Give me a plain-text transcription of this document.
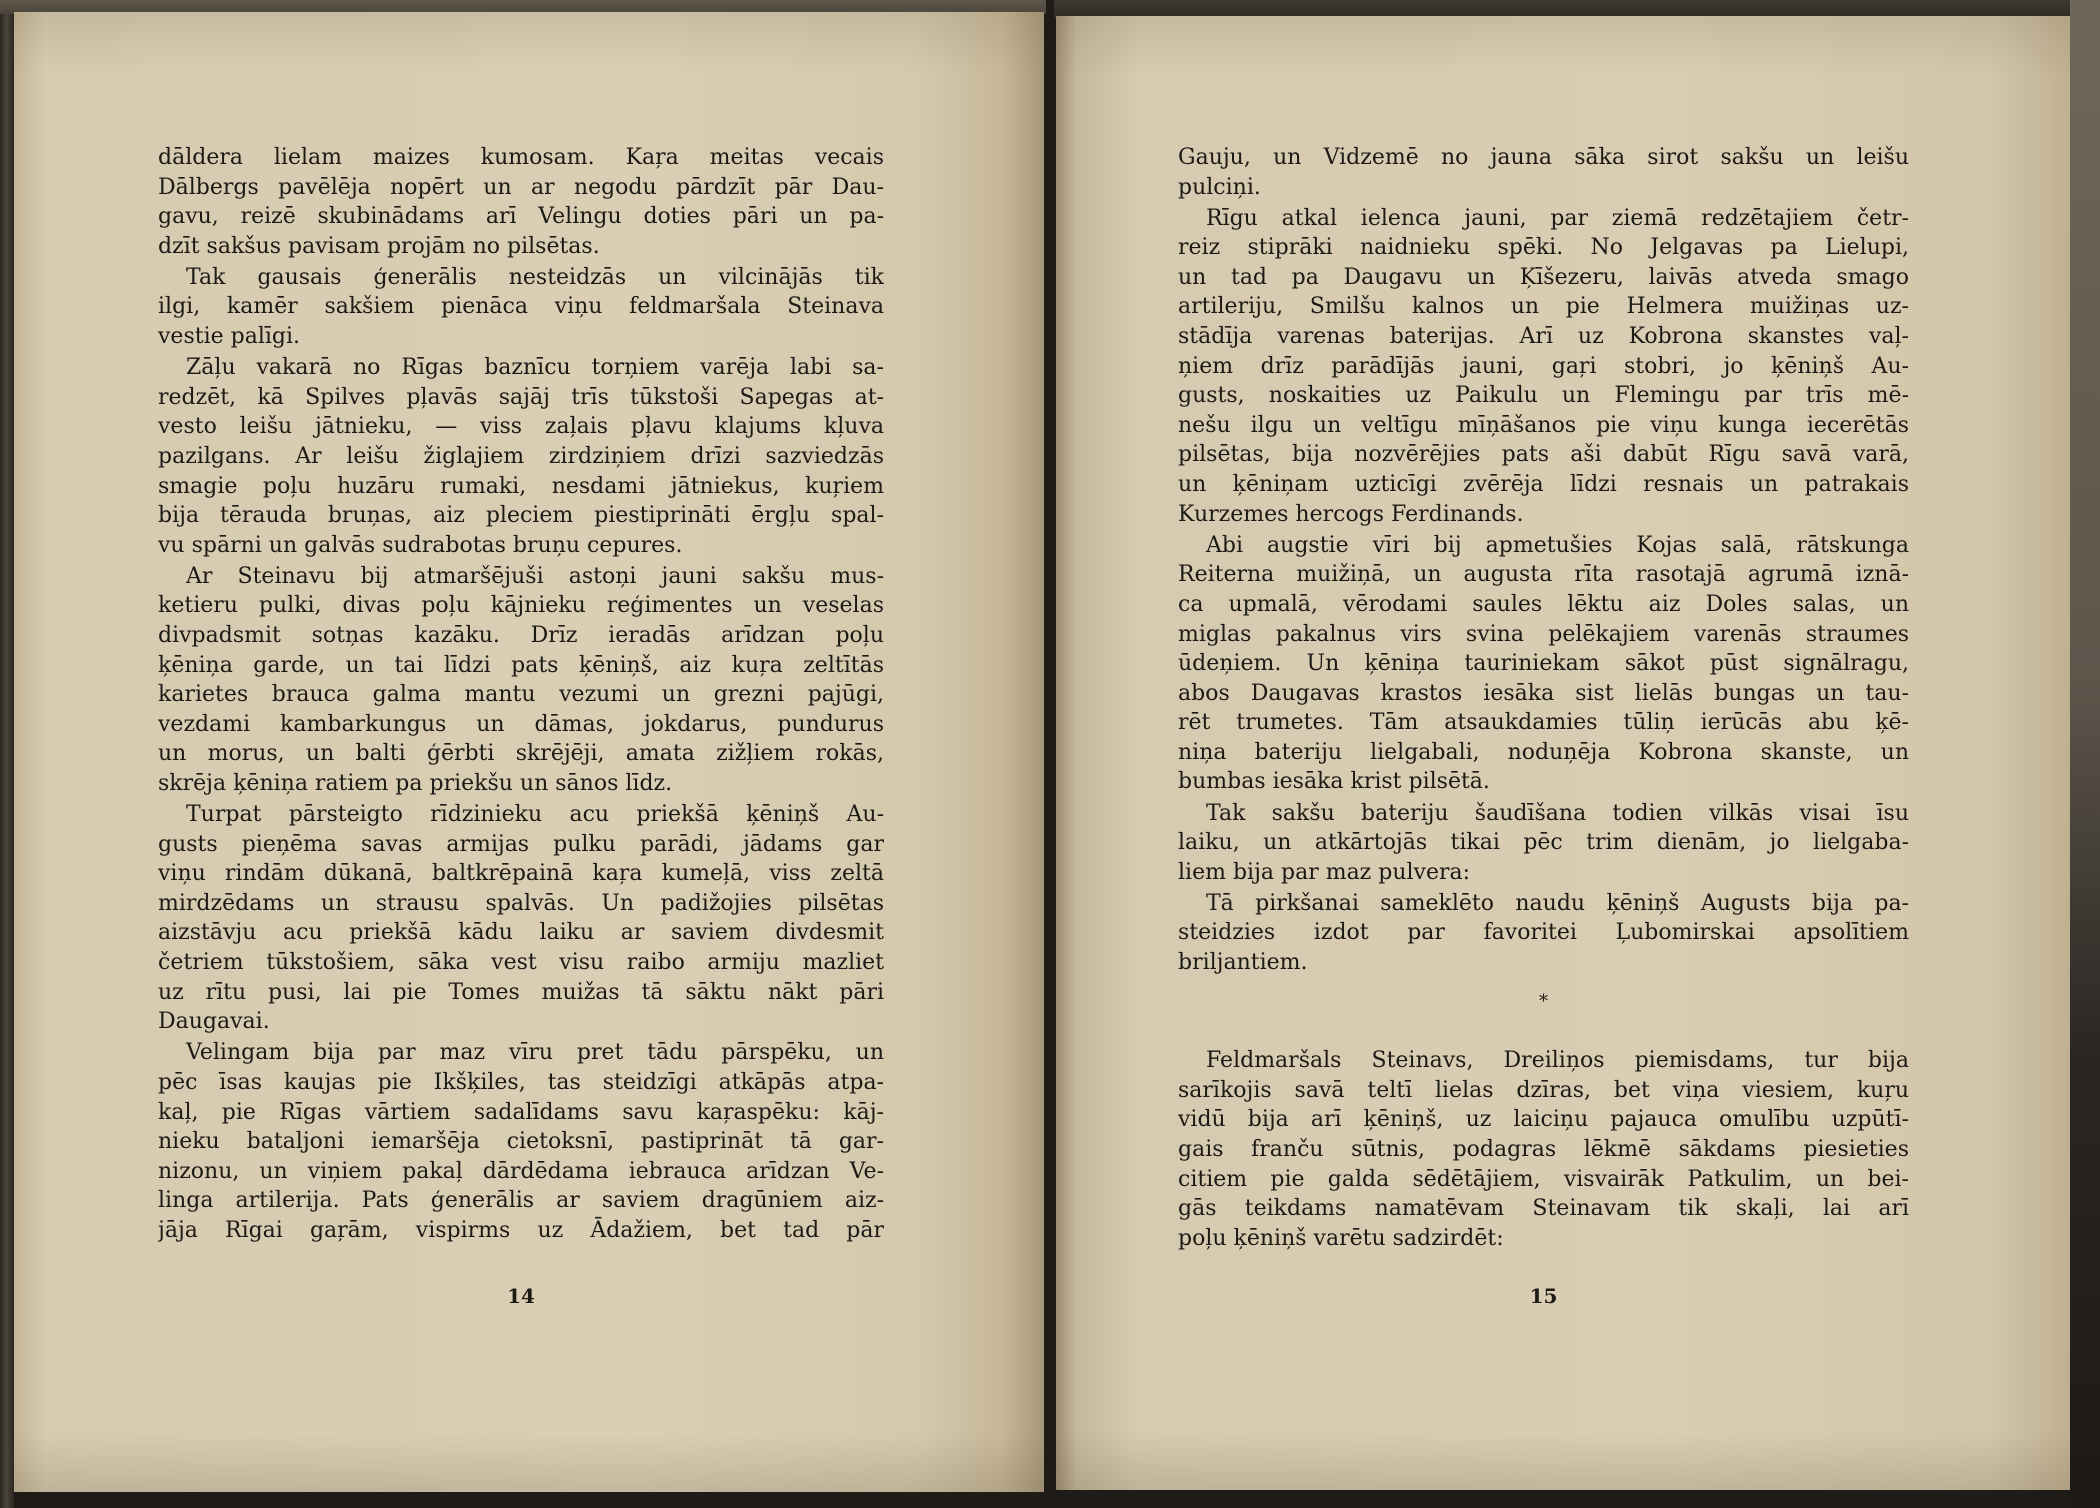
dāldera lielam maizes kumosam. Kaŗa meitas vecais
Dālbergs pavēlēja nopērt un ar negodu pārdzīt pār Dau-
gavu, reizē skubinādams arī Velingu doties pāri un pa-
dzīt sakšus pavisam projām no pilsētas.
Tak gausais ģenerālis nesteidzās un vilcinājās tik
ilgi, kamēr sakšiem pienāca viņu feldmaršala Steinava
vestie palīgi.
Zāļu vakarā no Rīgas baznīcu torņiem varēja labi sa-
redzēt, kā Spilves pļavās sajāj trīs tūkstoši Sapegas at-
vesto leišu jātnieku, — viss zaļais pļavu klajums kļuva
pazilgans. Ar leišu žiglajiem zirdziņiem drīzi sazviedzās
smagie poļu huzāru rumaki, nesdami jātniekus, kuŗiem
bija tērauda bruņas, aiz pleciem piestiprināti ērgļu spal-
vu spārni un galvās sudrabotas bruņu cepures.
Ar Steinavu bij atmaršējuši astoņi jauni sakšu mus-
ketieru pulki, divas poļu kājnieku reģimentes un veselas
divpadsmit sotņas kazāku. Drīz ieradās arīdzan poļu
ķēniņa garde, un tai līdzi pats ķēniņš, aiz kuŗa zeltītās
karietes brauca galma mantu vezumi un grezni pajūgi,
vezdami kambarkungus un dāmas, jokdarus, pundurus
un morus, un balti ģērbti skrējēji, amata zižļiem rokās,
skrēja ķēniņa ratiem pa priekšu un sānos līdz.
Turpat pārsteigto rīdzinieku acu priekšā ķēniņš Au-
gusts pieņēma savas armijas pulku parādi, jādams gar
viņu rindām dūkanā, baltkrēpainā kaŗa kumeļā, viss zeltā
mirdzēdams un strausu spalvās. Un padižojies pilsētas
aizstāvju acu priekšā kādu laiku ar saviem divdesmit
četriem tūkstošiem, sāka vest visu raibo armiju mazliet
uz rītu pusi, lai pie Tomes muižas tā sāktu nākt pāri
Daugavai.
Velingam bija par maz vīru pret tādu pārspēku, un
pēc īsas kaujas pie Ikšķiles, tas steidzīgi atkāpās atpa-
kaļ, pie Rīgas vārtiem sadalīdams savu kaŗaspēku: kāj-
nieku bataljoni iemaršēja cietoksnī, pastiprināt tā gar-
nizonu, un viņiem pakaļ dārdēdama iebrauca arīdzan Ve-
linga artilerija. Pats ģenerālis ar saviem dragūniem aiz-
jāja Rīgai gaŗām, vispirms uz Ādažiem, bet tad pār
14
Gauju, un Vidzemē no jauna sāka sirot sakšu un leišu
pulciņi.
Rīgu atkal ielenca jauni, par ziemā redzētajiem četr-
reiz stiprāki naidnieku spēki. No Jelgavas pa Lielupi,
un tad pa Daugavu un Ķīšezeru, laivās atveda smago
artileriju, Smilšu kalnos un pie Helmera muižiņas uz-
stādīja varenas baterijas. Arī uz Kobrona skanstes vaļ-
ņiem drīz parādījās jauni, gaŗi stobri, jo ķēniņš Au-
gusts, noskaities uz Paikulu un Flemingu par trīs mē-
nešu ilgu un veltīgu mīņāšanos pie viņu kunga iecerētās
pilsētas, bija nozvērējies pats aši dabūt Rīgu savā varā,
un ķēniņam uzticīgi zvērēja līdzi resnais un patrakais
Kurzemes hercogs Ferdinands.
Abi augstie vīri bij apmetušies Kojas salā, rātskunga
Reiterna muižiņā, un augusta rīta rasotajā agrumā iznā-
ca upmalā, vērodami saules lēktu aiz Doles salas, un
miglas pakalnus virs svina pelēkajiem varenās straumes
ūdeņiem. Un ķēniņa tauriniekam sākot pūst signālragu,
abos Daugavas krastos iesāka sist lielās bungas un tau-
rēt trumetes. Tām atsaukdamies tūliņ ierūcās abu ķē-
niņa bateriju lielgabali, noduņēja Kobrona skanste, un
bumbas iesāka krist pilsētā.
Tak sakšu bateriju šaudīšana todien vilkās visai īsu
laiku, un atkārtojās tikai pēc trim dienām, jo lielgaba-
liem bija par maz pulvera:
Tā pirkšanai sameklēto naudu ķēniņš Augusts bija pa-
steidzies izdot par favoritei Ļubomirskai apsolītiem
briljantiem.
*
Feldmaršals Steinavs, Dreiliņos piemisdams, tur bija
sarīkojis savā teltī lielas dzīras, bet viņa viesiem, kuŗu
vidū bija arī ķēniņš, uz laiciņu pajauca omulību uzpūtī-
gais franču sūtnis, podagras lēkmē sākdams piesieties
citiem pie galda sēdētājiem, visvairāk Patkulim, un bei-
gās teikdams namatēvam Steinavam tik skaļi, lai arī
poļu ķēniņš varētu sadzirdēt:
15
